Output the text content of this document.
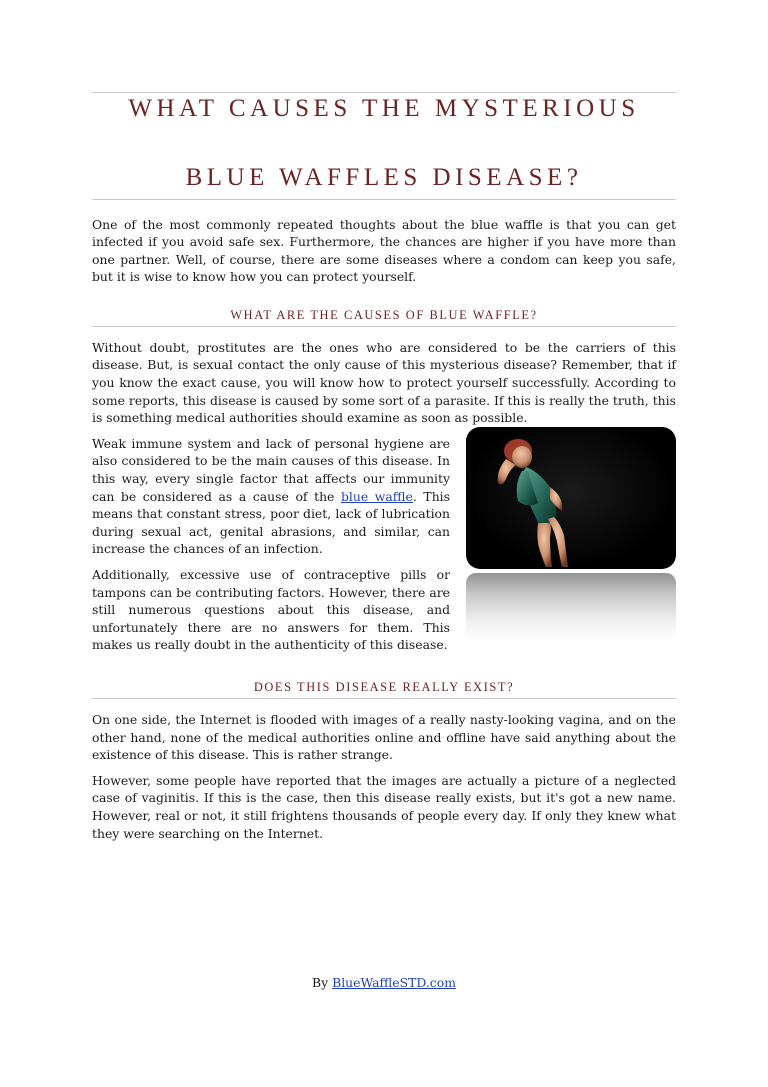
WHAT CAUSES THE MYSTERIOUS
BLUE WAFFLES DISEASE?

One of the most commonly repeated thoughts about the blue waffle is that you can get infected if you avoid safe sex. Furthermore, the chances are higher if you have more than one partner. Well, of course, there are some diseases where a condom can keep you safe, but it is wise to know how you can protect yourself.

WHAT ARE THE CAUSES OF BLUE WAFFLE?

Without doubt, prostitutes are the ones who are considered to be the carriers of this disease. But, is sexual contact the only cause of this mysterious disease? Remember, that if you know the exact cause, you will know how to protect yourself successfully. According to some reports, this disease is caused by some sort of a parasite. If this is really the truth, this is something medical authorities should examine as soon as possible.

Weak immune system and lack of personal hygiene are also considered to be the main causes of this disease. In this way, every single factor that affects our immunity can be considered as a cause of the blue waffle. This means that constant stress, poor diet, lack of lubrication during sexual act, genital abrasions, and similar, can increase the chances of an infection.

Additionally, excessive use of contraceptive pills or tampons can be contributing factors. However, there are still numerous questions about this disease, and unfortunately there are no answers for them. This makes us really doubt in the authenticity of this disease.

DOES THIS DISEASE REALLY EXIST?

On one side, the Internet is flooded with images of a really nasty-looking vagina, and on the other hand, none of the medical authorities online and offline have said anything about the existence of this disease. This is rather strange.

However, some people have reported that the images are actually a picture of a neglected case of vaginitis. If this is the case, then this disease really exists, but it's got a new name. However, real or not, it still frightens thousands of people every day. If only they knew what they were searching on the Internet.

By BlueWaffleSTD.com
